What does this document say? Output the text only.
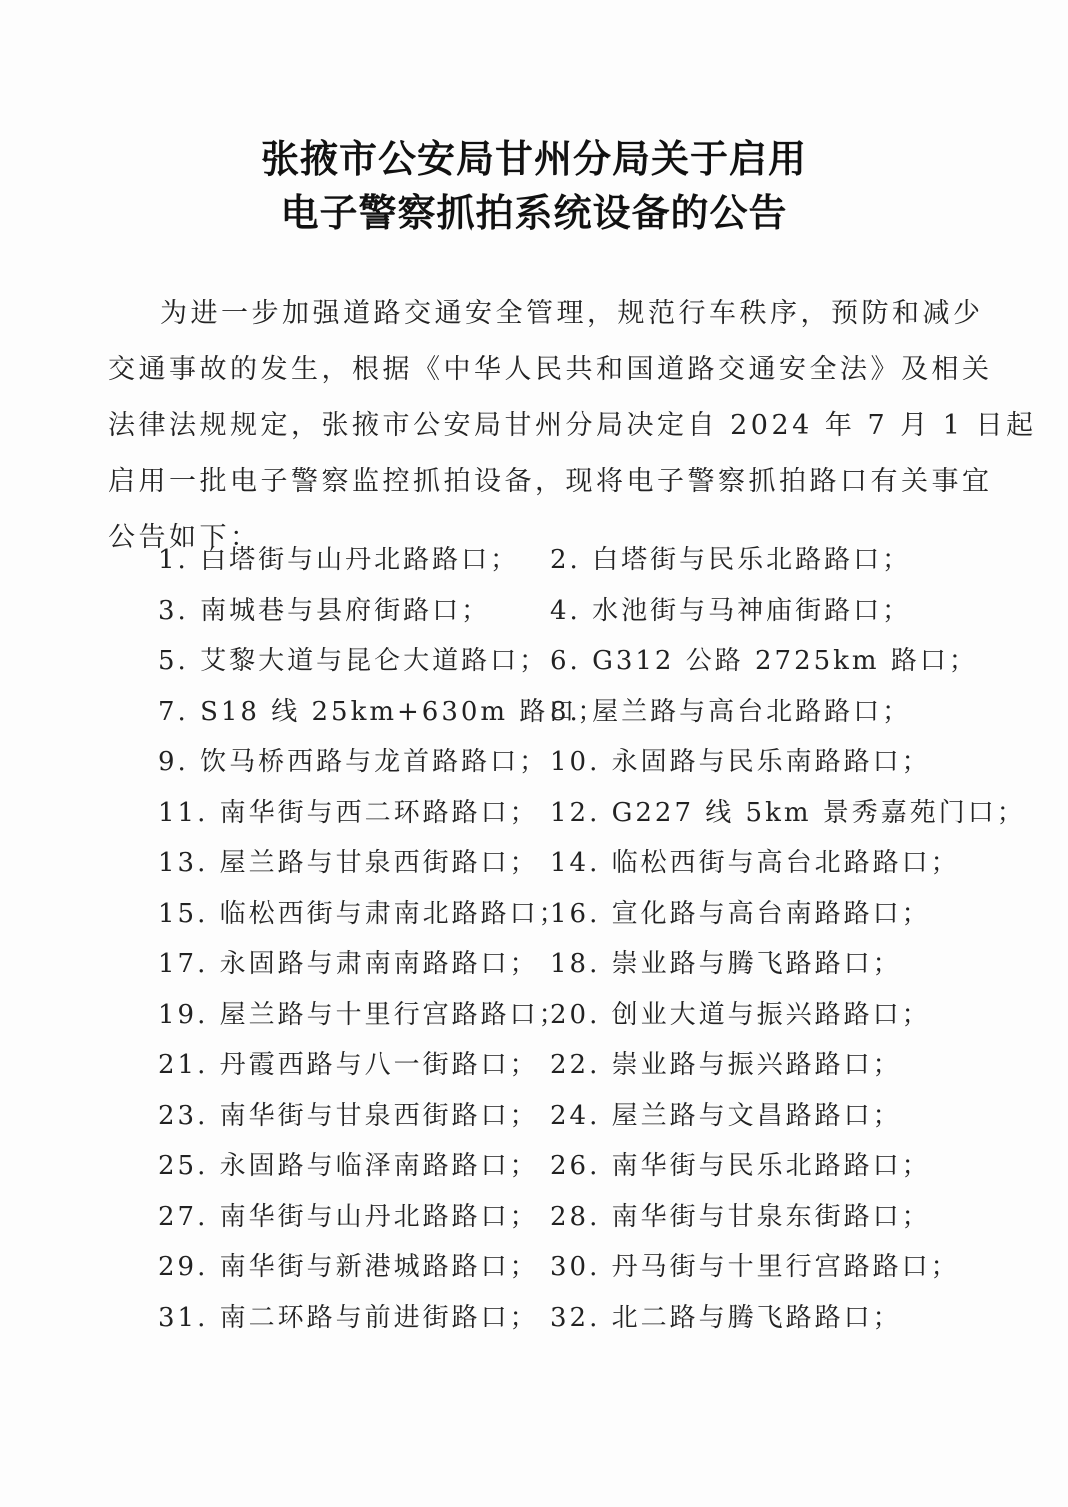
张掖市公安局甘州分局关于启用
电子警察抓拍系统设备的公告
为进一步加强道路交通安全管理，规范行车秩序，预防和减少
交通事故的发生，根据《中华人民共和国道路交通安全法》及相关
法律法规规定，张掖市公安局甘州分局决定自 2024 年 7 月 1 日起
启用一批电子警察监控抓拍设备，现将电子警察抓拍路口有关事宜
公告如下：
1. 白塔街与山丹北路路口； 2. 白塔街与民乐北路路口；
3. 南城巷与县府街路口； 4. 水池街与马神庙街路口；
5. 艾黎大道与昆仑大道路口； 6. G312 公路 2725km 路口；
7. S18 线 25km+630m 路口；
8. 屋兰路与高台北路路口；
9. 饮马桥西路与龙首路路口； 10. 永固路与民乐南路路口；
11. 南华街与西二环路路口； 12. G227 线 5km 景秀嘉苑门口；
13. 屋兰路与甘泉西街路口； 14. 临松西街与高台北路路口；
15. 临松西街与肃南北路路口；
16. 宣化路与高台南路路口；
17. 永固路与肃南南路路口； 18. 崇业路与腾飞路路口；
19. 屋兰路与十里行宫路路口；
20. 创业大道与振兴路路口；
21. 丹霞西路与八一街路口； 22. 崇业路与振兴路路口；
23. 南华街与甘泉西街路口； 24. 屋兰路与文昌路路口；
25. 永固路与临泽南路路口； 26. 南华街与民乐北路路口；
27. 南华街与山丹北路路口； 28. 南华街与甘泉东街路口；
29. 南华街与新港城路路口； 30. 丹马街与十里行宫路路口；
31. 南二环路与前进街路口； 32. 北二路与腾飞路路口；
